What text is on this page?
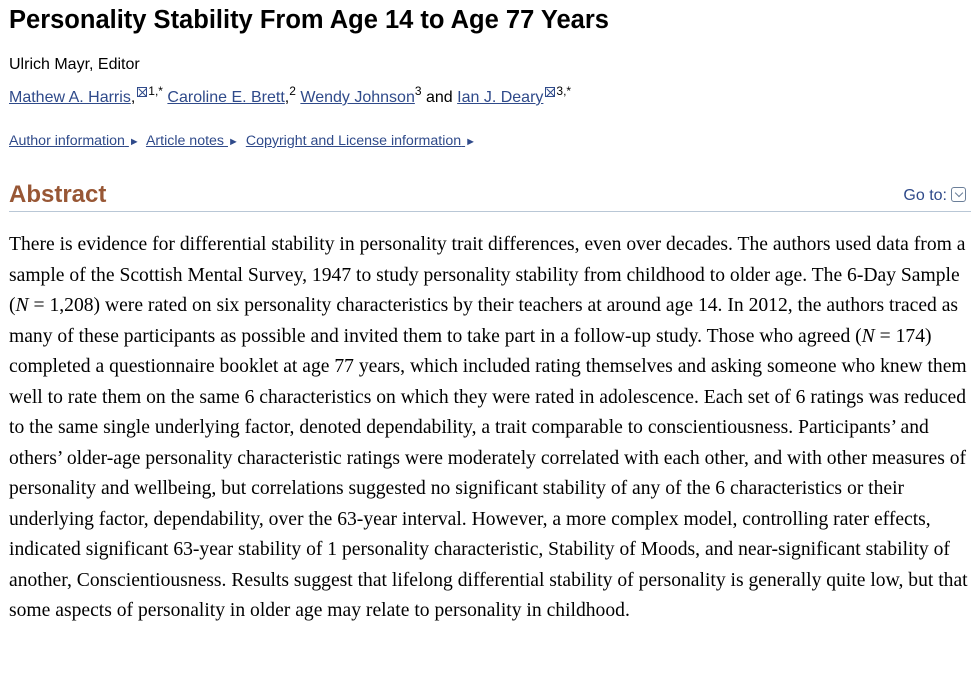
Personality Stability From Age 14 to Age 77 Years
Ulrich Mayr, Editor
Mathew A. Harris, $^{1,*}$ Caroline E. Brett,$^2$ Wendy Johnson$^3$ and Ian J. Deary $^{3,*}$
Author information ► Article notes ► Copyright and License information ►
Abstract	Go to:

There is evidence for differential stability in personality trait differences, even over decades. The authors used data from a sample of the Scottish Mental Survey, 1947 to study personality stability from childhood to older age. The 6-Day Sample (N = 1,208) were rated on six personality characteristics by their teachers at around age 14. In 2012, the authors traced as many of these participants as possible and invited them to take part in a follow-up study. Those who agreed (N = 174) completed a questionnaire booklet at age 77 years, which included rating themselves and asking someone who knew them well to rate them on the same 6 characteristics on which they were rated in adolescence. Each set of 6 ratings was reduced to the same single underlying factor, denoted dependability, a trait comparable to conscientiousness. Participants’ and others’ older-age personality characteristic ratings were moderately correlated with each other, and with other measures of personality and wellbeing, but correlations suggested no significant stability of any of the 6 characteristics or their underlying factor, dependability, over the 63-year interval. However, a more complex model, controlling rater effects, indicated significant 63-year stability of 1 personality characteristic, Stability of Moods, and near-significant stability of another, Conscientiousness. Results suggest that lifelong differential stability of personality is generally quite low, but that some aspects of personality in older age may relate to personality in childhood.
